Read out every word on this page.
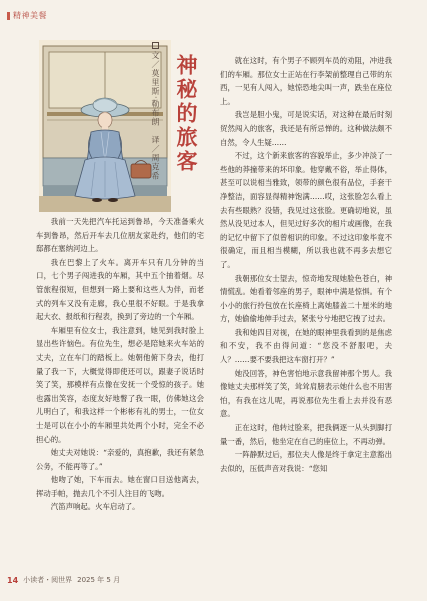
精神美餐
文／莫里斯·勒布朗　译／周克希 神秘的旅客

我前一天先把汽车托运到鲁昂，今天准备乘火车到鲁昂，然后开车去几位朋友家赴约，他们的宅邸都在塞纳河边上。

我在巴黎上了火车。离开车只有几分钟的当口，七个男子闯进我的车厢，其中五个抽着烟。尽管旅程很短，但想到一路上要和这些人为伴，而老式的列车又没有走廊，我心里很不好眼。于是我拿起大衣、报纸和行程表，换到了旁边的一个车厢。

车厢里有位女士，我注意到，她见到我时脸上显出些许恼色。有位先生，想必是陪她来火车站的丈夫，立在车门的踏板上。她朝他俯下身去，他打量了我一下，大概觉得即使还可以，跟妻子说话时笑了笑，那模样有点像在安抚一个受惊的孩子。她也露出笑容，态度友好地瞥了我一眼，仿佛她这会儿明白了，和我这样一个彬彬有礼的男士，一位女士是可以在小小的车厢里共处两个小时，完全不必担心的。

她丈夫对她说：“亲爱的，真抱歉，我还有紧急公务，不能再等了。”

他吻了她，下车而去。她在窗口目送他离去，挥动手帕，抛去几个不引人注目的飞吻。

汽笛声响起。火车启动了。

就在这时，有个男子不顾列车员的劝阻，冲进我们的车厢。那位女士正站在行李架前整理自己带的东西，一见有人闯入，她惊恐地尖叫一声，跌坐在座位上。

我岂是胆小鬼，可是说实话，对这种在最后时刻贸然闯入的旅客，我还是有所忌惮的。这种做法颇不自然，令人生疑……

不过，这个新来旅客的容貌举止，多少冲淡了一些他的莽撞带来的坏印象。他穿戴不俗，举止得体，甚至可以说相当雅致，领带的颜色很有品位，手套干净整洁，面容显得精神饱满……哎，这张脸怎么看上去有些眼熟？没错，我见过这张脸。更确切地说，虽然从没见过本人，但见过好多次的相片或画像，在我的记忆中留下了似曾相识的印象。不过这印象毕竟不很确定，而且相当模糊，所以我也就不再多去想它了。

我朝那位女士望去，惊奇地发现她脸色苍白，神情慌乱。她看着邻座的男子，眼神中满是惊惧。有个小小的旅行拎包放在长座椅上离她膝盖二十厘米的地方，她偷偷地伸手过去，紧张兮兮地把它拽了过去。

我和她四目对视，在她的眼神里我看到的是焦虑和不安，我不由得问道：“您没不舒服吧，夫人？……要不要我把这车窗打开？”

她没回答，神色害怕地示意我留神那个男人。我像她丈夫那样笑了笑，耸耸肩膀表示她什么也不用害怕，有我在这儿呢，再说那位先生看上去并没有恶意。

正在这时，他转过脸来，把我俩逐一从头到脚打量一番，然后，他坐定在自己的座位上，不再动弹。

一阵静默过后，那位夫人像是终于拿定主意豁出去似的，压低声音对我说：“您知

14 小读者・阅世界 2025 年 5 月
